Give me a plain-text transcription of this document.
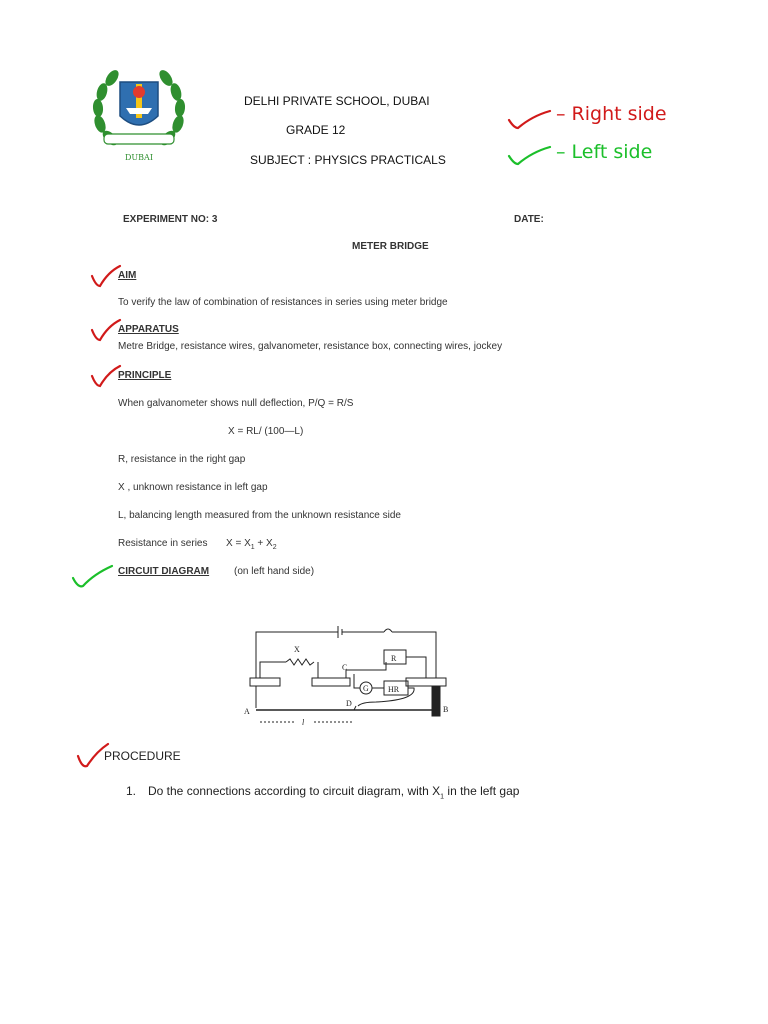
DUBAI
DELHI PRIVATE SCHOOL, DUBAI
GRADE 12
SUBJECT : PHYSICS PRACTICALS
– Right side
– Left side
EXPERIMENT NO: 3	DATE:
METER BRIDGE
AIM
To verify the law of combination of resistances in series using meter bridge
APPARATUS
Metre Bridge, resistance wires, galvanometer, resistance box, connecting wires, jockey
PRINCIPLE
When galvanometer shows null deflection, P/Q = R/S
X = RL/ (100—L)
R, resistance in the right gap
X , unknown resistance in left gap
L, balancing length measured from the unknown resistance side
Resistance in series $X = X_1 + X_2$
CIRCUIT DIAGRAM (on left hand side)
X
C
R
G HR
A	B
D
l
PROCEDURE
1. Do the connections according to circuit diagram, with $X_1$ in the left gap
